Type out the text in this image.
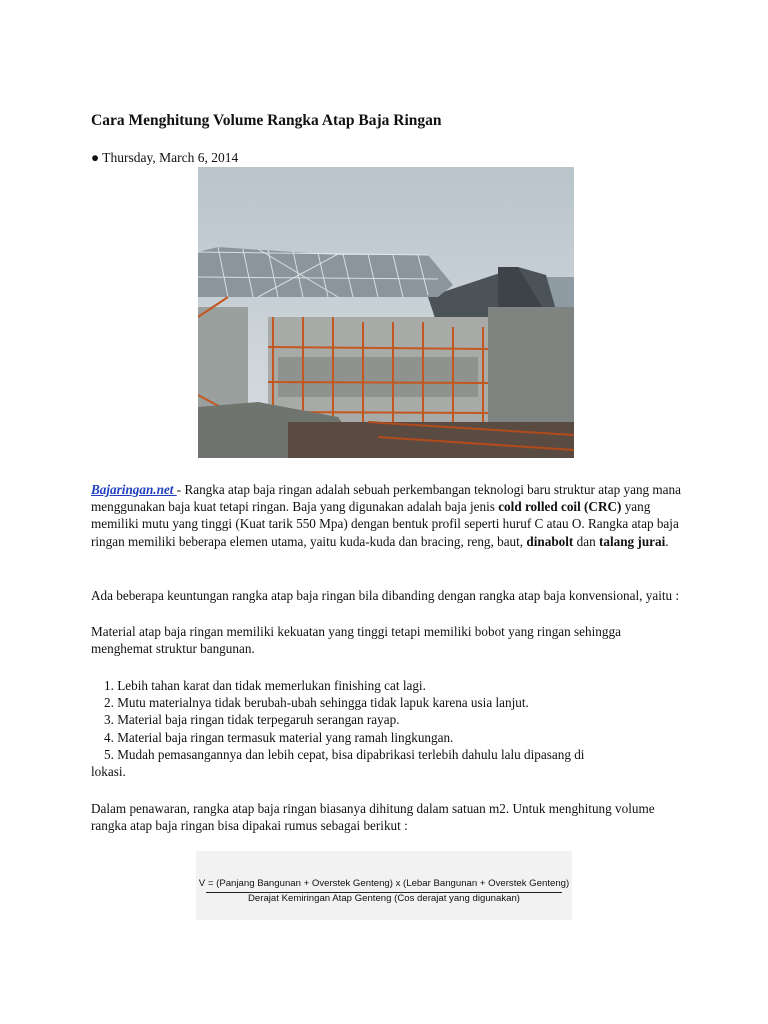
Cara Menghitung Volume Rangka Atap Baja Ringan
● Thursday, March 6, 2014
Bajaringan.net - Rangka atap baja ringan adalah sebuah perkembangan teknologi baru struktur atap yang mana menggunakan baja kuat tetapi ringan. Baja yang digunakan adalah baja jenis cold rolled coil (CRC) yang memiliki mutu yang tinggi (Kuat tarik 550 Mpa) dengan bentuk profil seperti huruf C atau O. Rangka atap baja ringan memiliki beberapa elemen utama, yaitu kuda-kuda dan bracing, reng, baut, dinabolt dan talang jurai.
Ada beberapa keuntungan rangka atap baja ringan bila dibanding dengan rangka atap baja konvensional, yaitu :
Material atap baja ringan memiliki kekuatan yang tinggi tetapi memiliki bobot yang ringan sehingga menghemat struktur bangunan.
1. Lebih tahan karat dan tidak memerlukan finishing cat lagi.
2. Mutu materialnya tidak berubah-ubah sehingga tidak lapuk karena usia lanjut.
3. Material baja ringan tidak terpegaruh serangan rayap.
4. Material baja ringan termasuk material yang ramah lingkungan.
5. Mudah pemasangannya dan lebih cepat, bisa dipabrikasi terlebih dahulu lalu dipasang di
lokasi.
Dalam penawaran, rangka atap baja ringan biasanya dihitung dalam satuan m2. Untuk menghitung volume rangka atap baja ringan bisa dipakai rumus sebagai berikut :
V = (Panjang Bangunan + Overstek Genteng) x (Lebar Bangunan + Overstek Genteng)
Derajat Kemiringan Atap Genteng (Cos derajat yang digunakan)
